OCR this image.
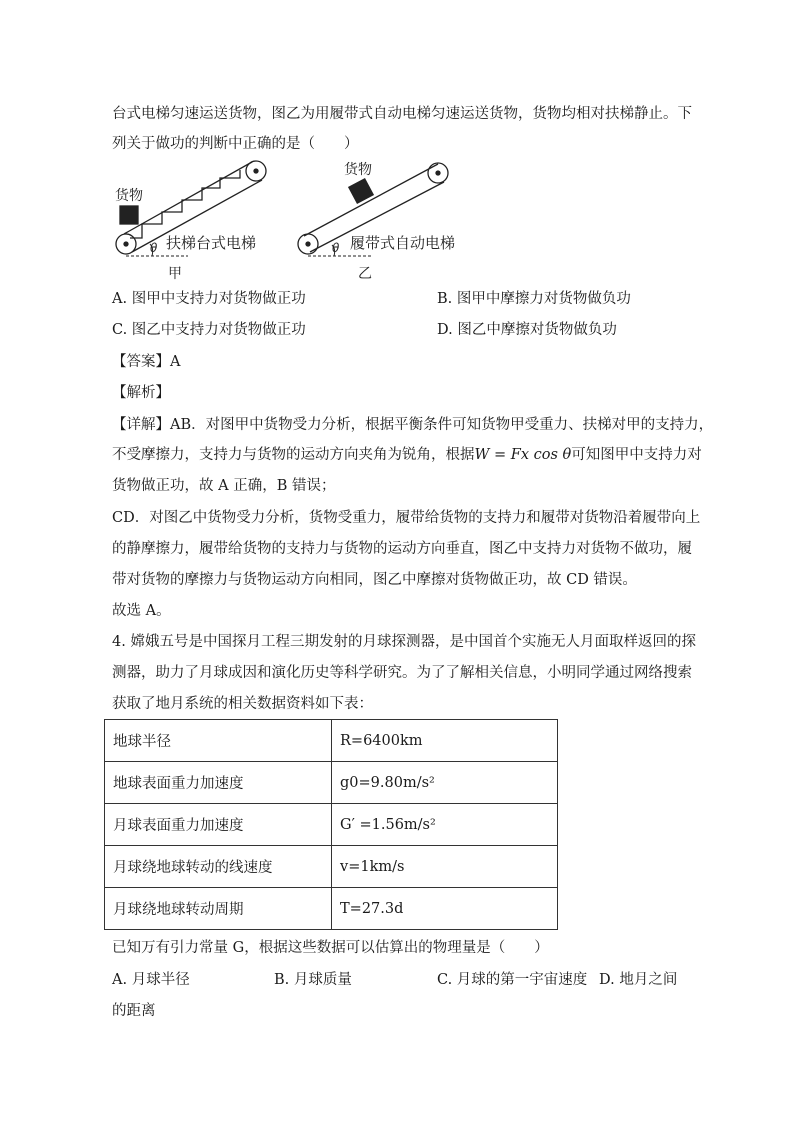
台式电梯匀速运送货物，图乙为用履带式自动电梯匀速运送货物，货物均相对扶梯静止。下
列关于做功的判断中正确的是（　　）
货物
θ 扶梯台式电梯
甲
货物
θ 履带式自动电梯
乙
A. 图甲中支持力对货物做正功	B. 图甲中摩擦力对货物做负功
C. 图乙中支持力对货物做正功	D. 图乙中摩擦对货物做负功
【答案】A
【解析】
【详解】AB．对图甲中货物受力分析，根据平衡条件可知货物甲受重力、扶梯对甲的支持力，
不受摩擦力，支持力与货物的运动方向夹角为锐角，根据W = Fx cos θ可知图甲中支持力对
货物做正功，故 A 正确，B 错误；
CD．对图乙中货物受力分析，货物受重力，履带给货物的支持力和履带对货物沿着履带向上
的静摩擦力，履带给货物的支持力与货物的运动方向垂直，图乙中支持力对货物不做功，履
带对货物的摩擦力与货物运动方向相同，图乙中摩擦对货物做正功，故 CD 错误。
故选 A。
4. 嫦娥五号是中国探月工程三期发射的月球探测器，是中国首个实施无人月面取样返回的探
测器，助力了月球成因和演化历史等科学研究。为了了解相关信息，小明同学通过网络搜索
获取了地月系统的相关数据资料如下表：
地球半径	R=6400km
地球表面重力加速度	g0=9.80m/s²
月球表面重力加速度	G′ =1.56m/s²
月球绕地球转动的线速度	v=1km/s
月球绕地球转动周期	T=27.3d
已知万有引力常量 G，根据这些数据可以估算出的物理量是（　　）
A. 月球半径	B. 月球质量	C. 月球的第一宇宙速度 D. 地月之间
的距离
